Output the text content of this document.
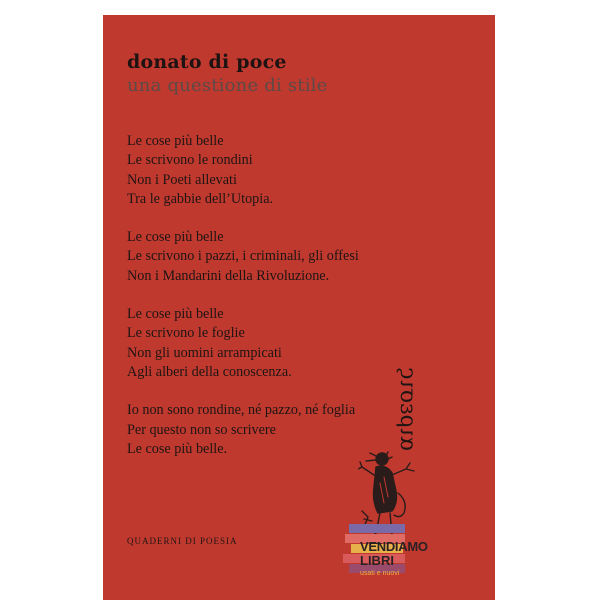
donato di poce
una questione di stile
Le cose più belle
Le scrivono le rondini
Non i Poeti allevati
Tra le gabbie dell’Utopia.
Le cose più belle
Le scrivono i pazzi, i criminali, gli offesi
Non i Mandarini della Rivoluzione.
Le cose più belle
Le scrivono le foglie
Non gli uomini arrampicati
Agli alberi della conoscenza.
Io non sono rondine, né pazzo, né foglia
Per questo non so scrivere
Le cose più belle.
QUADERNI DI POESIA
αιρεσις
VENDIAMO
LIBRI
usati e nuovi
